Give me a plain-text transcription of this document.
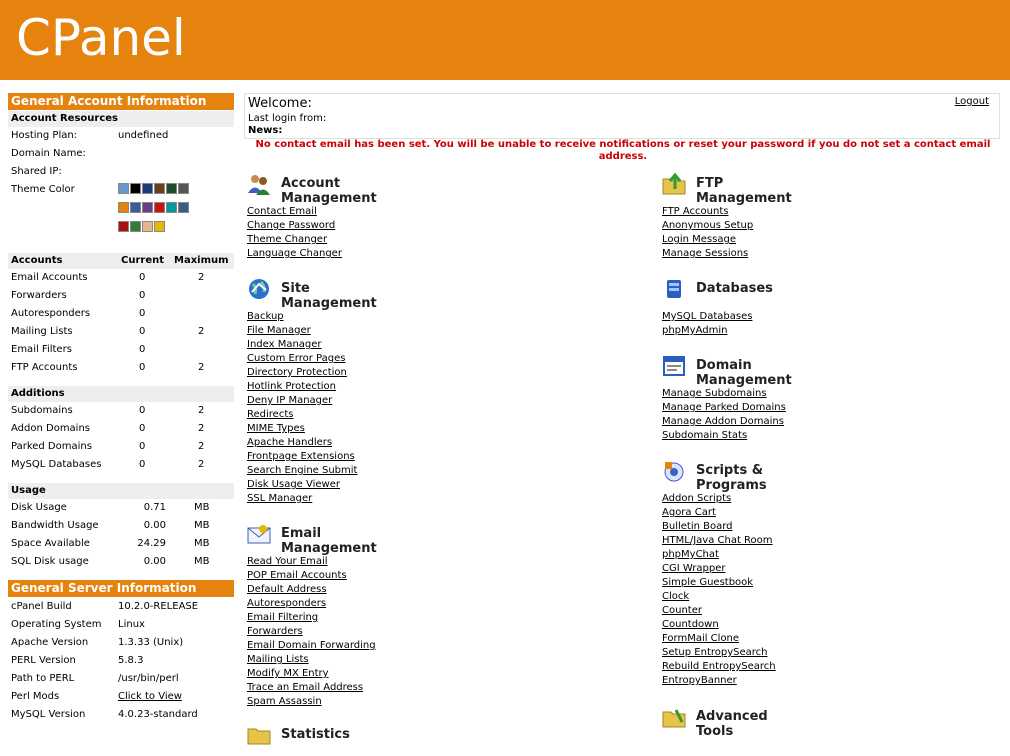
CPanel
General Account Information
Account Resources
Hosting Plan:	undefined
Domain Name:
Shared IP:
Theme Color
Accounts	Current Maximum
Email Accounts	0	2
Forwarders	0
Autoresponders	0
Mailing Lists	0	2
Email Filters	0
FTP Accounts	0	2
Additions
Subdomains	0	2
Addon Domains	0	2
Parked Domains	0	2
MySQL Databases	0	2
Usage
Disk Usage	0.71	MB
Bandwidth Usage	0.00	MB
Space Available	24.29	MB
SQL Disk usage	0.00	MB
General Server Information
cPanel Build	10.2.0-RELEASE
Operating System Linux
Apache Version	1.3.33 (Unix)
PERL Version	5.8.3
Path to PERL	/usr/bin/perl
Perl Mods	Click to View
MySQL Version	4.0.23-standard
Welcome:
Last login from:
News:
Logout
No contact email has been set. You will be unable to receive notifications or reset your password if you do not set a contact email address.
Account Management
Contact Email
Change Password
Theme Changer
Language Changer
Site Management
Backup
File Manager
Index Manager
Custom Error Pages
Directory Protection
Hotlink Protection
Deny IP Manager
Redirects
MIME Types
Apache Handlers
Frontpage Extensions
Search Engine Submit
Disk Usage Viewer
SSL Manager
Email Management
Read Your Email
POP Email Accounts
Default Address
Autoresponders
Email Filtering
Forwarders
Email Domain Forwarding
Mailing Lists
Modify MX Entry
Trace an Email Address
Spam Assassin
Statistics
FTP Management
FTP Accounts
Anonymous Setup
Login Message
Manage Sessions
Databases
MySQL Databases
phpMyAdmin
Domain Management
Manage Subdomains
Manage Parked Domains
Manage Addon Domains
Subdomain Stats
Scripts & Programs
Addon Scripts
Agora Cart
Bulletin Board
HTML/Java Chat Room
phpMyChat
CGI Wrapper
Simple Guestbook
Clock
Counter
Countdown
FormMail Clone
Setup EntropySearch
Rebuild EntropySearch
EntropyBanner
Advanced Tools
